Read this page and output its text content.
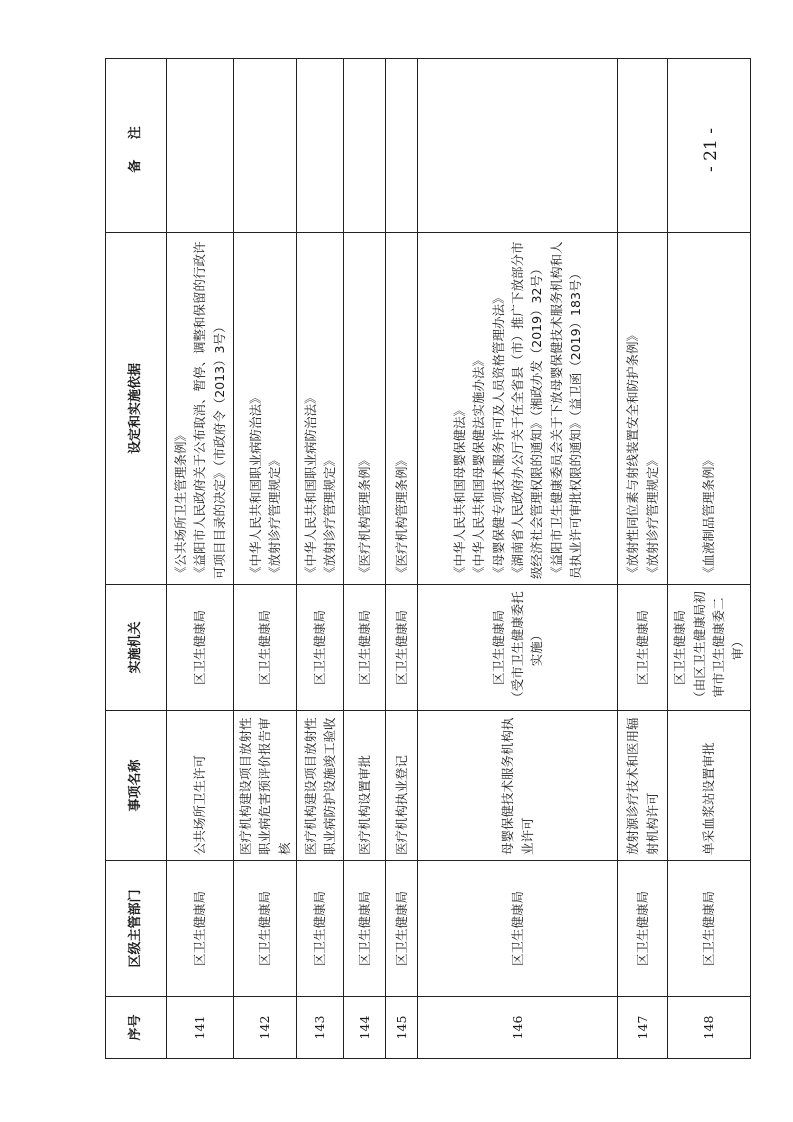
- 21 -
序号	区级主管部门	事项名称	实施机关	设定和实施依据	备 注
141	区卫生健康局	公共场所卫生许可	区卫生健康局	《公共场所卫生管理条例》 《益阳市人民政府关于公布取消、暂停、调整和保留的行政许可项目目录的决定》（市政府令（2013）3号）	

142	区卫生健康局	医疗机构建设项目放射性职业病危害预评价报告审核	区卫生健康局	《中华人民共和国职业病防治法》 《放射诊疗管理规定》	

143	区卫生健康局	医疗机构建设项目放射性职业病防护设施竣工验收	区卫生健康局	《中华人民共和国职业病防治法》 《放射诊疗管理规定》	

144	区卫生健康局	医疗机构设置审批	区卫生健康局	《医疗机构管理条例》	

145	区卫生健康局	医疗机构执业登记	区卫生健康局	《医疗机构管理条例》	

146	区卫生健康局	母婴保健技术服务机构执业许可	区卫生健康局 （受市卫生健康委托实施）	《中华人民共和国母婴保健法》 《中华人民共和国母婴保健法实施办法》 《母婴保健专项技术服务许可及人员资格管理办法》 《湖南省人民政府办公厅关于在全省县（市）推广下放部分市级经济社会管理权限的通知》（湘政办发（2019）32号） 《益阳市卫生健康委员会关于下放母婴保健技术服务机构和人员执业许可审批权限的通知》（益卫函（2019）183号）	

147	区卫生健康局	放射源诊疗技术和医用辐射机构许可	区卫生健康局	《放射性同位素与射线装置安全和防护条例》 《放射诊疗管理规定》	

148	区卫生健康局	单采血浆站设置审批	区卫生健康局 （由区卫生健康局初审市卫生健康委二审）	《血液制品管理条例》	
